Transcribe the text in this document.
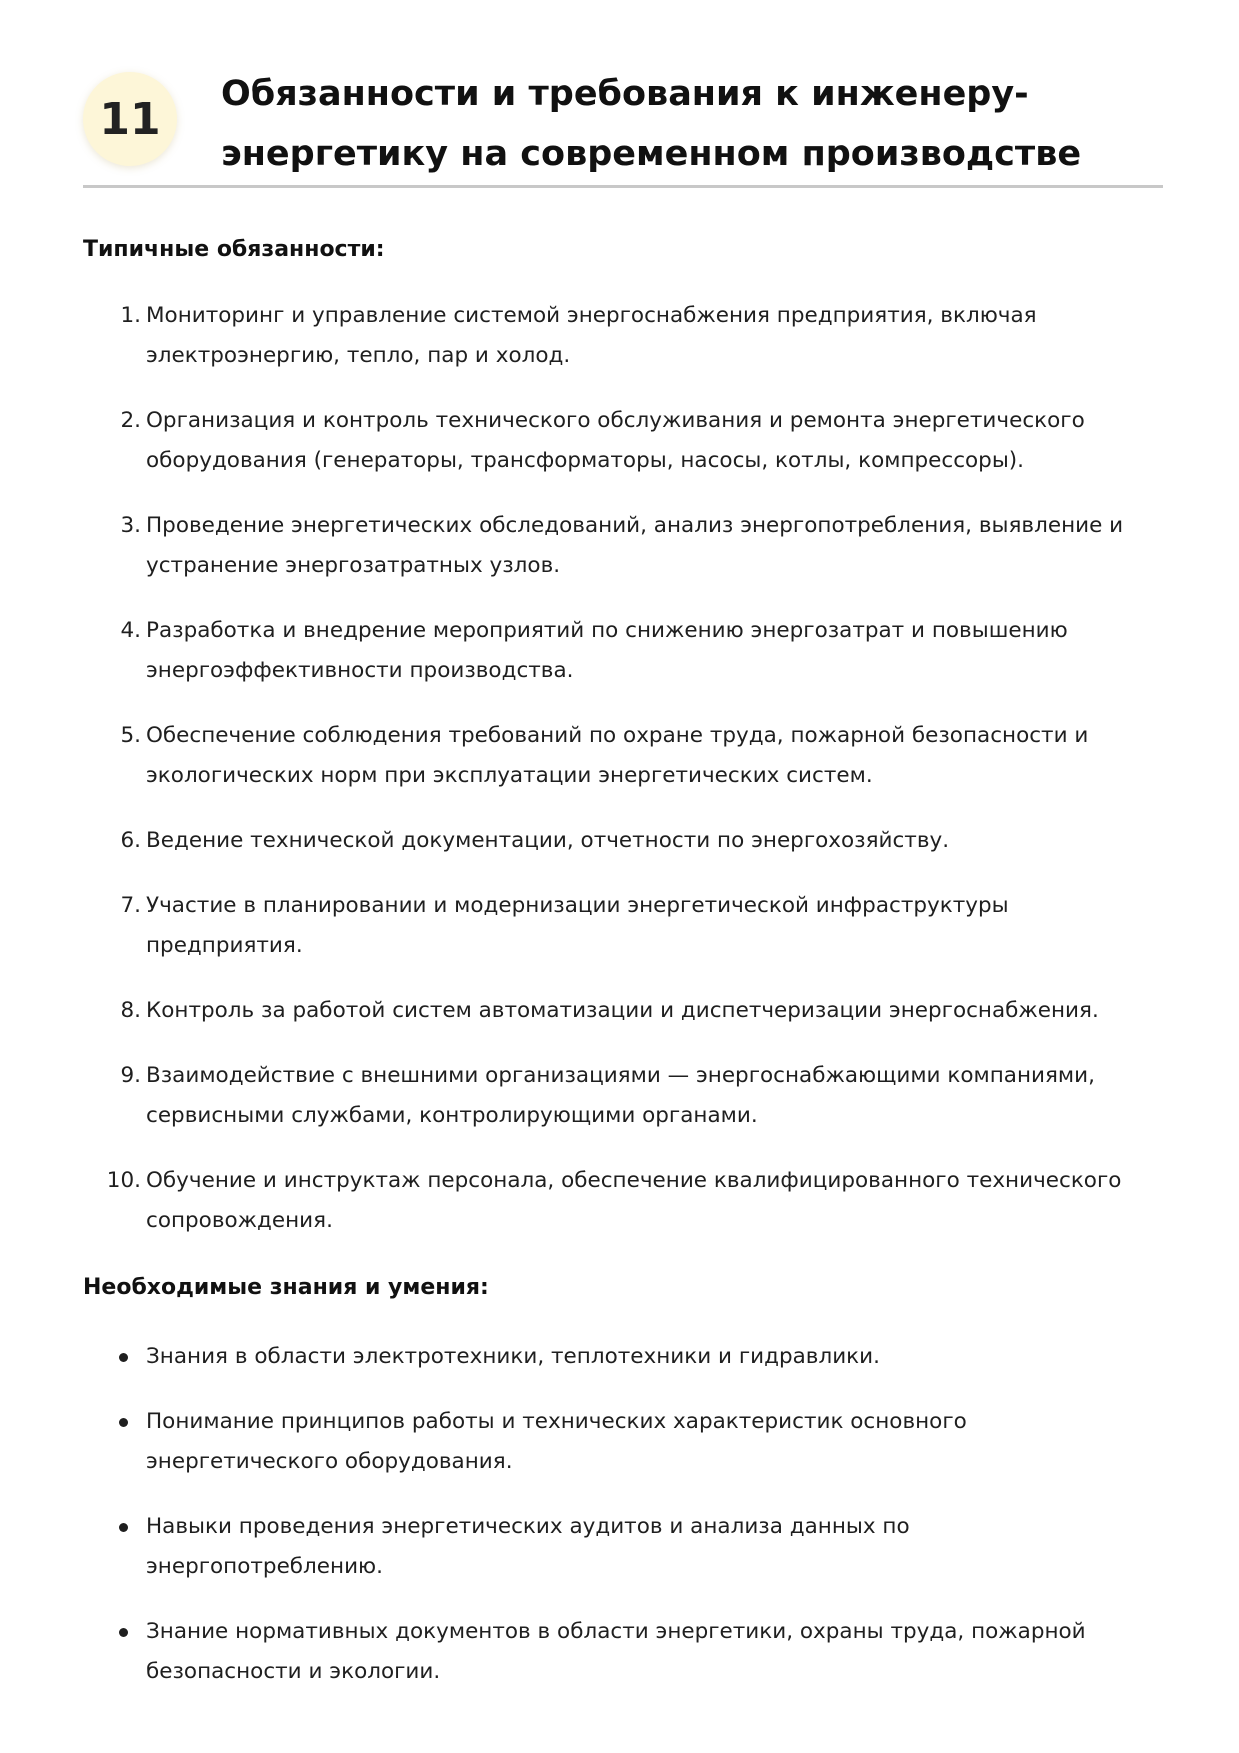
11	Обязанности и требования к инженеру-энергетику на современном производстве
Типичные обязанности:
1. Мониторинг и управление системой энергоснабжения предприятия, включая электроэнергию, тепло, пар и холод.
2. Организация и контроль технического обслуживания и ремонта энергетического оборудования (генераторы, трансформаторы, насосы, котлы, компрессоры).
3. Проведение энергетических обследований, анализ энергопотребления, выявление и устранение энергозатратных узлов.
4. Разработка и внедрение мероприятий по снижению энергозатрат и повышению энергоэффективности производства.
5. Обеспечение соблюдения требований по охране труда, пожарной безопасности и экологических норм при эксплуатации энергетических систем.
6. Ведение технической документации, отчетности по энергохозяйству.
7. Участие в планировании и модернизации энергетической инфраструктуры предприятия.
8. Контроль за работой систем автоматизации и диспетчеризации энергоснабжения.
9. Взаимодействие с внешними организациями — энергоснабжающими компаниями, сервисными службами, контролирующими органами.
10. Обучение и инструктаж персонала, обеспечение квалифицированного технического сопровождения.
Необходимые знания и умения:
Знания в области электротехники, теплотехники и гидравлики.
Понимание принципов работы и технических характеристик основного энергетического оборудования.
Навыки проведения энергетических аудитов и анализа данных по энергопотреблению.
Знание нормативных документов в области энергетики, охраны труда, пожарной безопасности и экологии.
